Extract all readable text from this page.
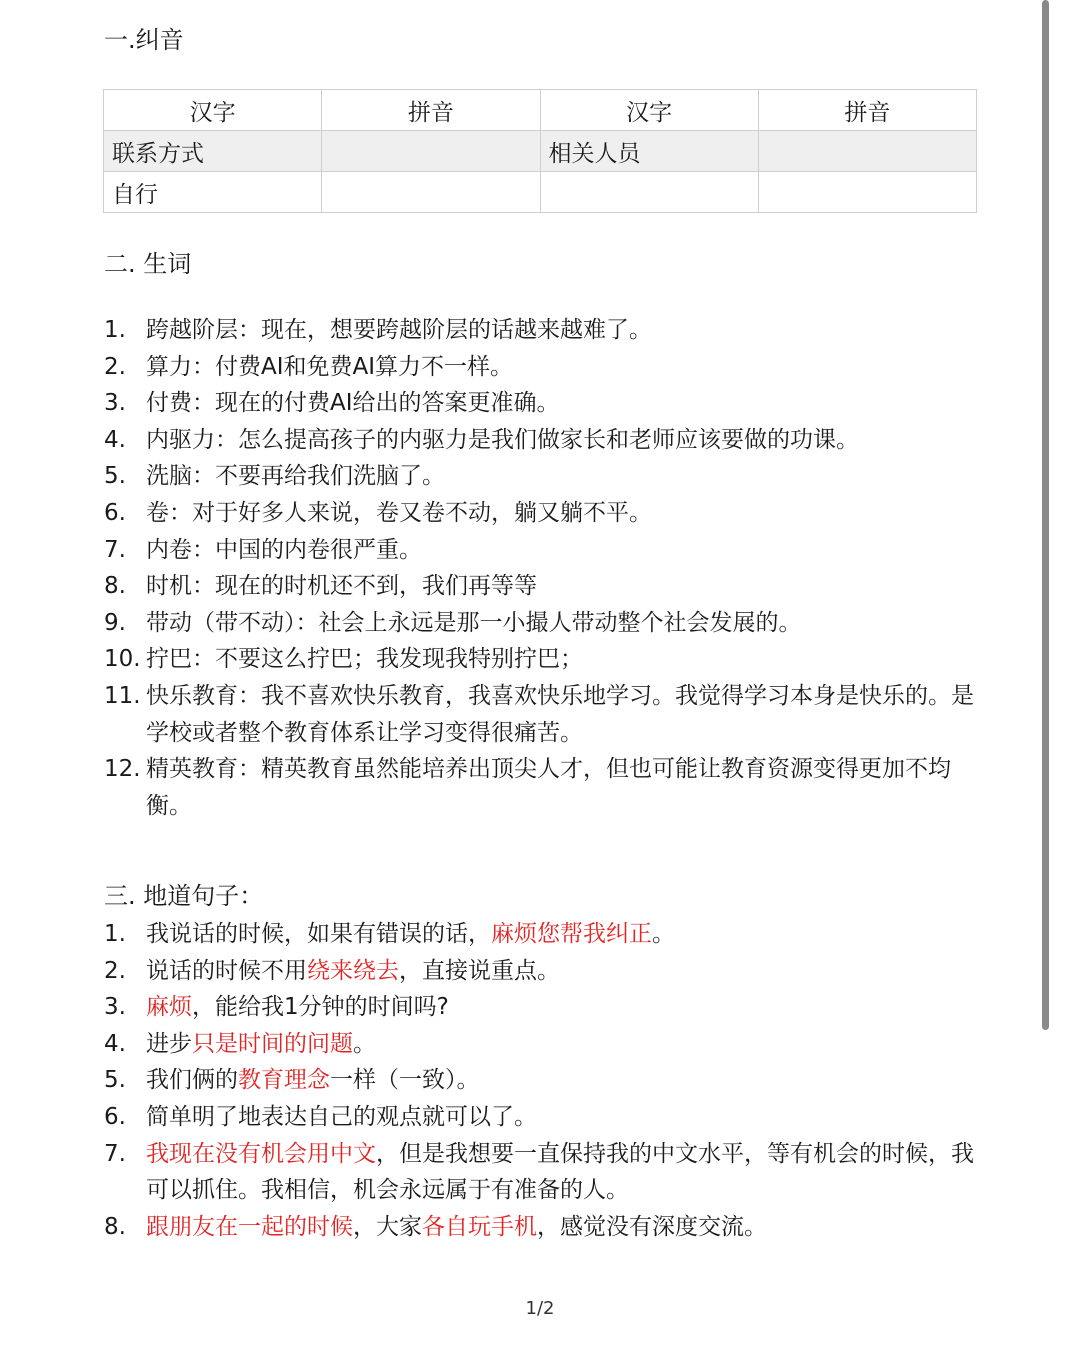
一.纠音
汉字	拼音	汉字	拼音
联系方式		相关人员	
自行			
二. 生词
1. 跨越阶层：现在，想要跨越阶层的话越来越难了。
2. 算力：付费AI和免费AI算力不一样。
3. 付费：现在的付费AI给出的答案更准确。
4. 内驱力：怎么提高孩子的内驱力是我们做家长和老师应该要做的功课。
5. 洗脑：不要再给我们洗脑了。
6. 卷：对于好多人来说，卷又卷不动，躺又躺不平。
7. 内卷：中国的内卷很严重。
8. 时机：现在的时机还不到，我们再等等
9. 带动（带不动）：社会上永远是那一小撮人带动整个社会发展的。
10. 拧巴：不要这么拧巴；我发现我特别拧巴；
11. 快乐教育：我不喜欢快乐教育，我喜欢快乐地学习。我觉得学习本身是快乐的。是学校或者整个教育体系让学习变得很痛苦。
12. 精英教育：精英教育虽然能培养出顶尖人才，但也可能让教育资源变得更加不均衡。
三. 地道句子：
1. 我说话的时候，如果有错误的话，麻烦您帮我纠正。
2. 说话的时候不用绕来绕去，直接说重点。
3. 麻烦，能给我1分钟的时间吗?
4. 进步只是时间的问题。
5. 我们俩的教育理念一样（一致）。
6. 简单明了地表达自己的观点就可以了。
7. 我现在没有机会用中文，但是我想要一直保持我的中文水平，等有机会的时候，我可以抓住。我相信，机会永远属于有准备的人。
8. 跟朋友在一起的时候，大家各自玩手机，感觉没有深度交流。
1/2
